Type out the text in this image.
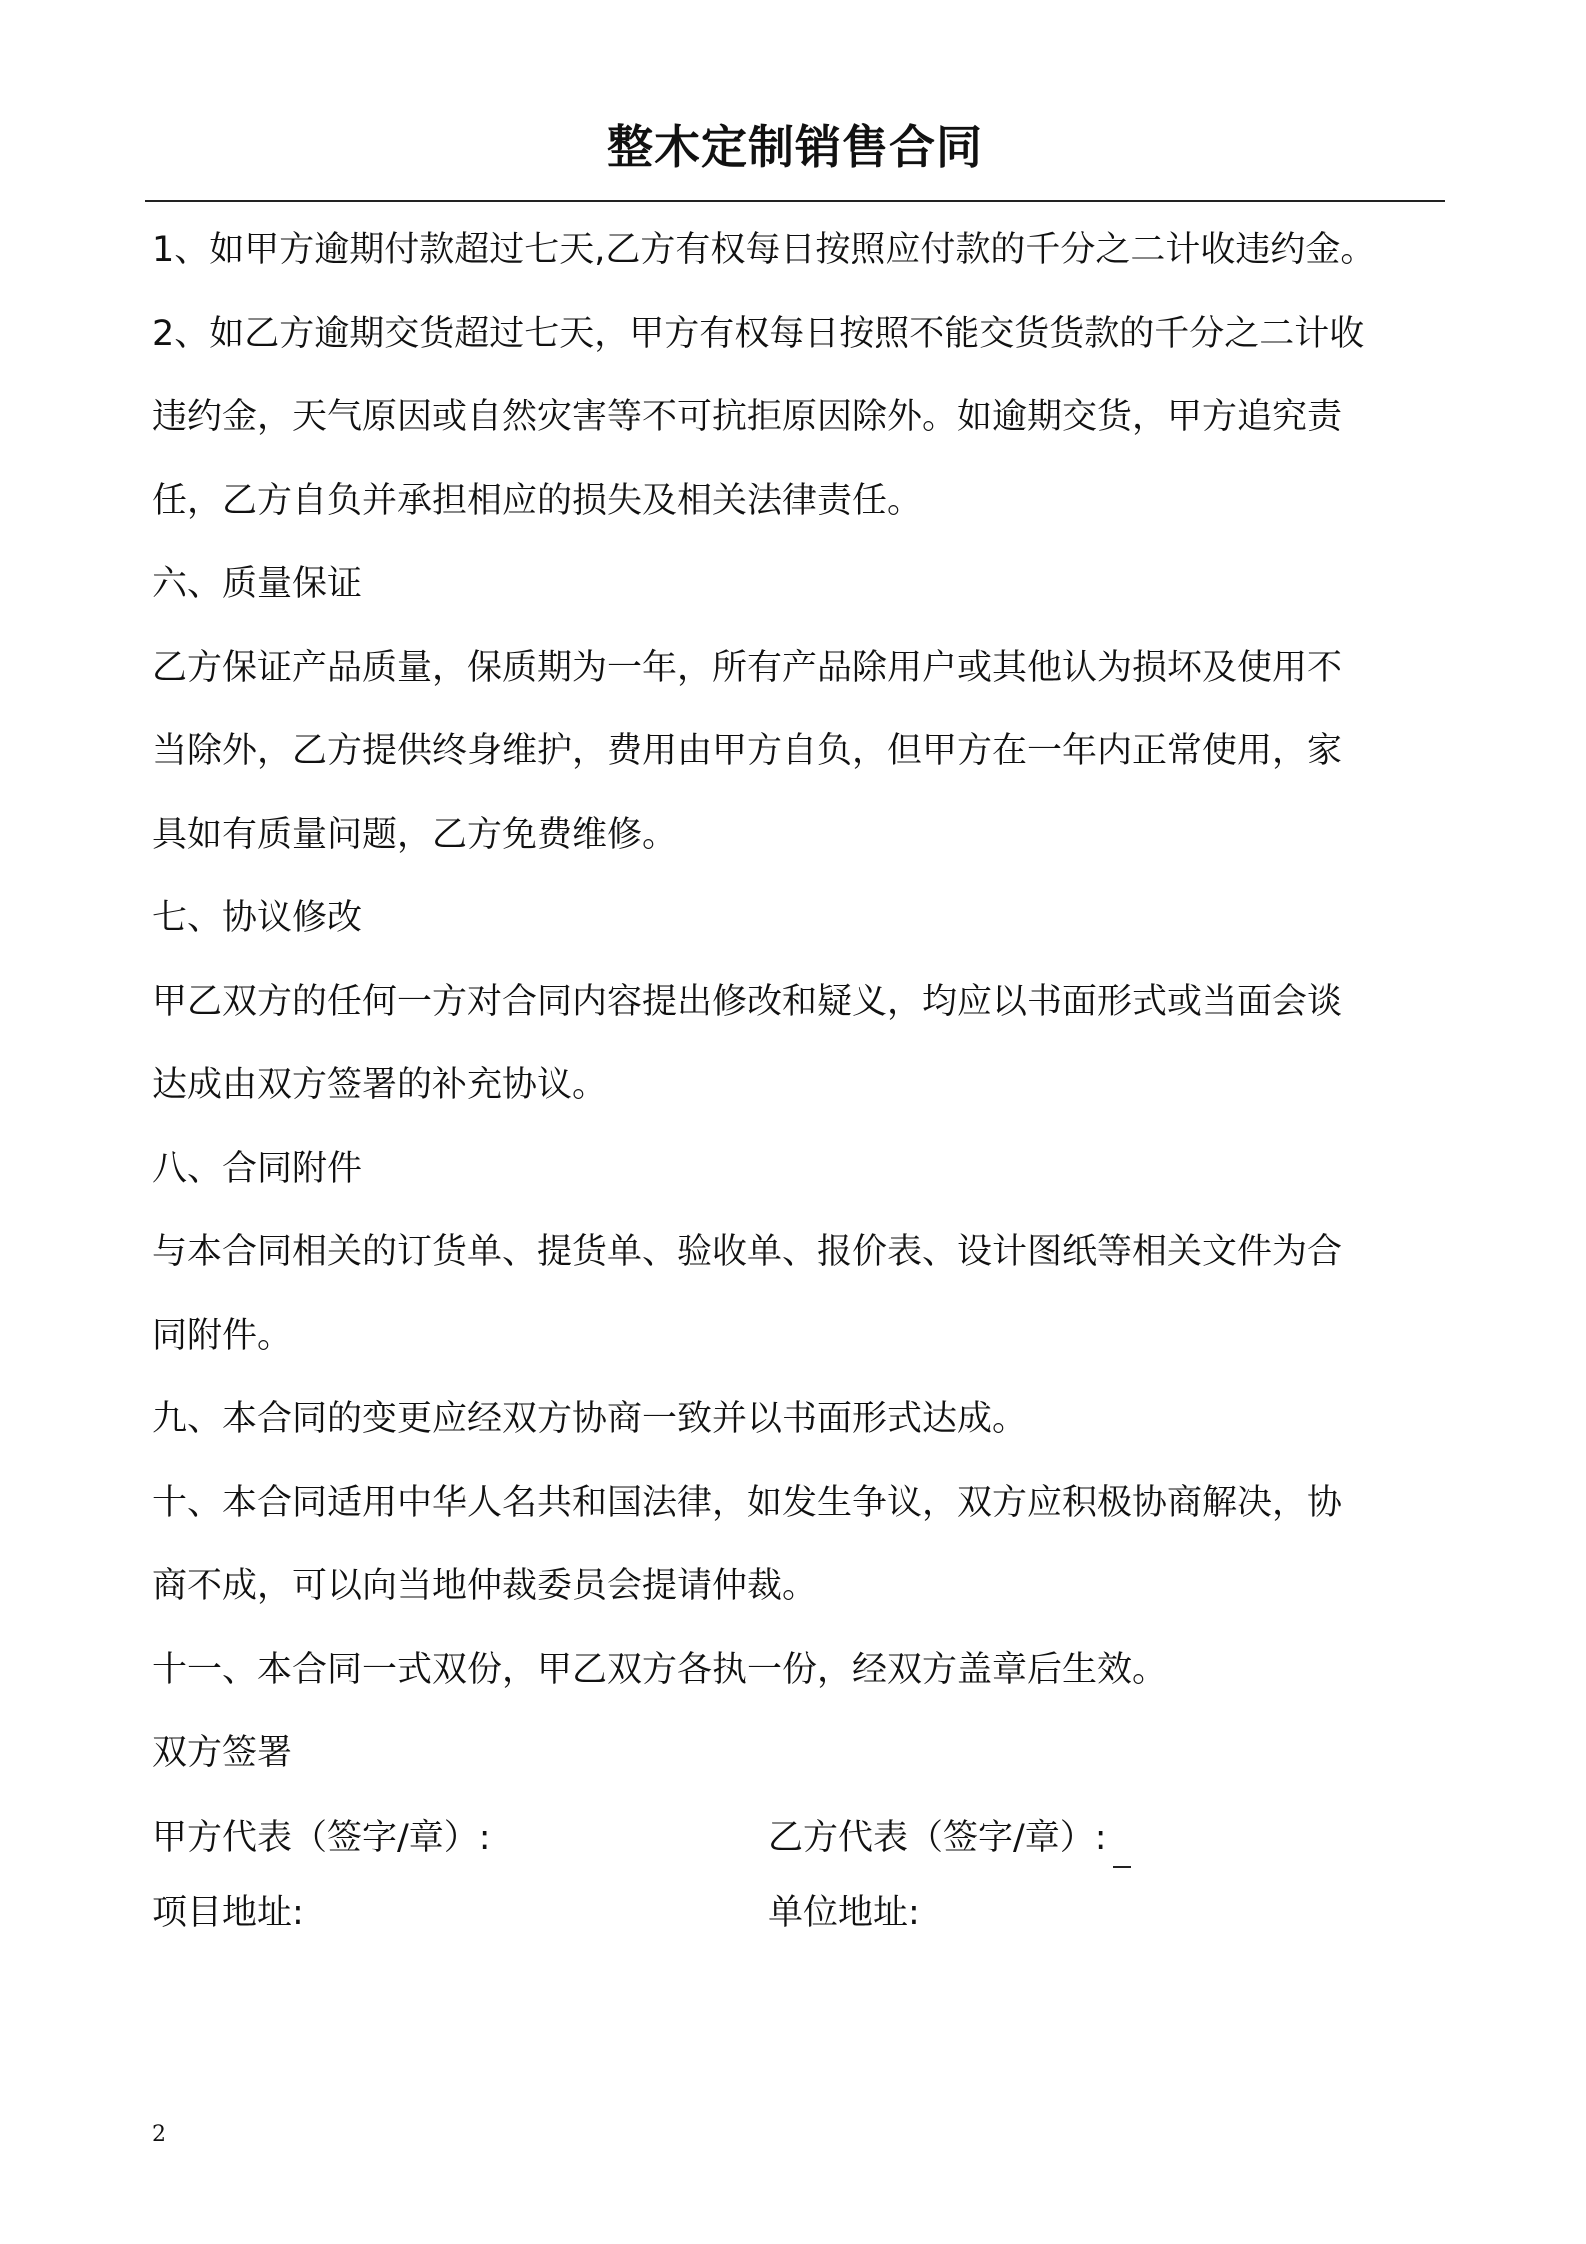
整木定制销售合同
1、如甲方逾期付款超过七天,乙方有权每日按照应付款的千分之二计收违约金。
2、如乙方逾期交货超过七天，甲方有权每日按照不能交货货款的千分之二计收
违约金，天气原因或自然灾害等不可抗拒原因除外。如逾期交货，甲方追究责
任，乙方自负并承担相应的损失及相关法律责任。
六、质量保证
乙方保证产品质量，保质期为一年，所有产品除用户或其他认为损坏及使用不
当除外，乙方提供终身维护，费用由甲方自负，但甲方在一年内正常使用，家
具如有质量问题，乙方免费维修。
七、协议修改
甲乙双方的任何一方对合同内容提出修改和疑义，均应以书面形式或当面会谈
达成由双方签署的补充协议。
八、合同附件
与本合同相关的订货单、提货单、验收单、报价表、设计图纸等相关文件为合
同附件。
九、本合同的变更应经双方协商一致并以书面形式达成。
十、本合同适用中华人名共和国法律，如发生争议，双方应积极协商解决，协
商不成，可以向当地仲裁委员会提请仲裁。
十一、本合同一式双份，甲乙双方各执一份，经双方盖章后生效。
双方签署
甲方代表（签字/章）:	乙方代表（签字/章）:
项目地址:	单位地址:
2
